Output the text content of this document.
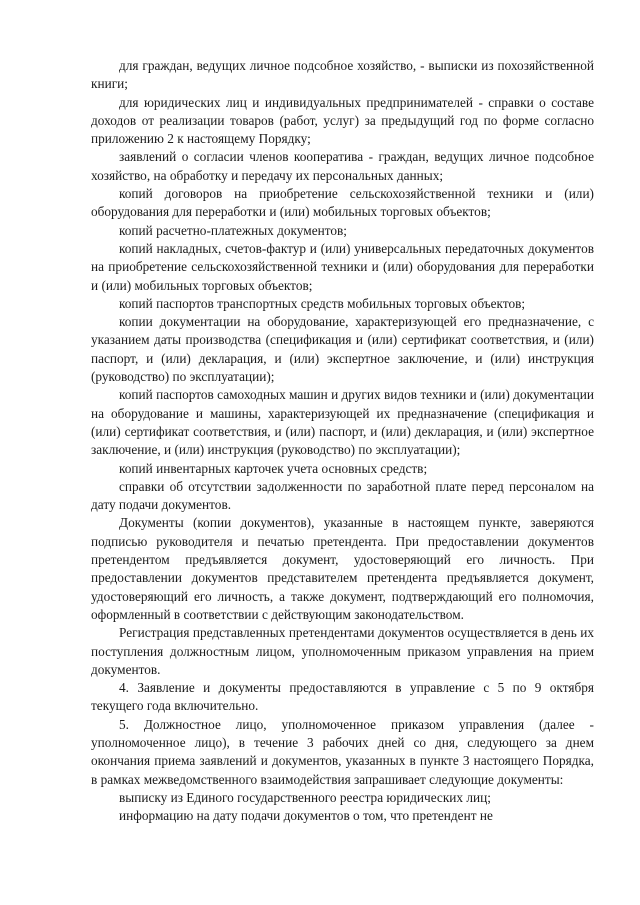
для граждан, ведущих личное подсобное хозяйство, - выписки из похозяйственной книги;

для юридических лиц и индивидуальных предпринимателей - справки о составе доходов от реализации товаров (работ, услуг) за предыдущий год по форме согласно приложению 2 к настоящему Порядку;

заявлений о согласии членов кооператива - граждан, ведущих личное подсобное хозяйство, на обработку и передачу их персональных данных;

копий договоров на приобретение сельскохозяйственной техники и (или) оборудования для переработки и (или) мобильных торговых объектов;

копий расчетно-платежных документов;

копий накладных, счетов-фактур и (или) универсальных передаточных документов на приобретение сельскохозяйственной техники и (или) оборудования для переработки и (или) мобильных торговых объектов;

копий паспортов транспортных средств мобильных торговых объектов;

копии документации на оборудование, характеризующей его предназначение, с указанием даты производства (спецификация и (или) сертификат соответствия, и (или) паспорт, и (или) декларация, и (или) экспертное заключение, и (или) инструкция (руководство) по эксплуатации);

копий паспортов самоходных машин и других видов техники и (или) документации на оборудование и машины, характеризующей их предназначение (спецификация и (или) сертификат соответствия, и (или) паспорт, и (или) декларация, и (или) экспертное заключение, и (или) инструкция (руководство) по эксплуатации);

копий инвентарных карточек учета основных средств;

справки об отсутствии задолженности по заработной плате перед персоналом на дату подачи документов.

Документы (копии документов), указанные в настоящем пункте, заверяются подписью руководителя и печатью претендента. При предоставлении документов претендентом предъявляется документ, удостоверяющий его личность. При предоставлении документов представителем претендента предъявляется документ, удостоверяющий его личность, а также документ, подтверждающий его полномочия, оформленный в соответствии с действующим законодательством.

Регистрация представленных претендентами документов осуществляется в день их поступления должностным лицом, уполномоченным приказом управления на прием документов.

4. Заявление и документы предоставляются в управление с 5 по 9 октября текущего года включительно.

5. Должностное лицо, уполномоченное приказом управления (далее - уполномоченное лицо), в течение 3 рабочих дней со дня, следующего за днем окончания приема заявлений и документов, указанных в пункте 3 настоящего Порядка, в рамках межведомственного взаимодействия запрашивает следующие документы:

выписку из Единого государственного реестра юридических лиц;

информацию на дату подачи документов о том, что претендент не
